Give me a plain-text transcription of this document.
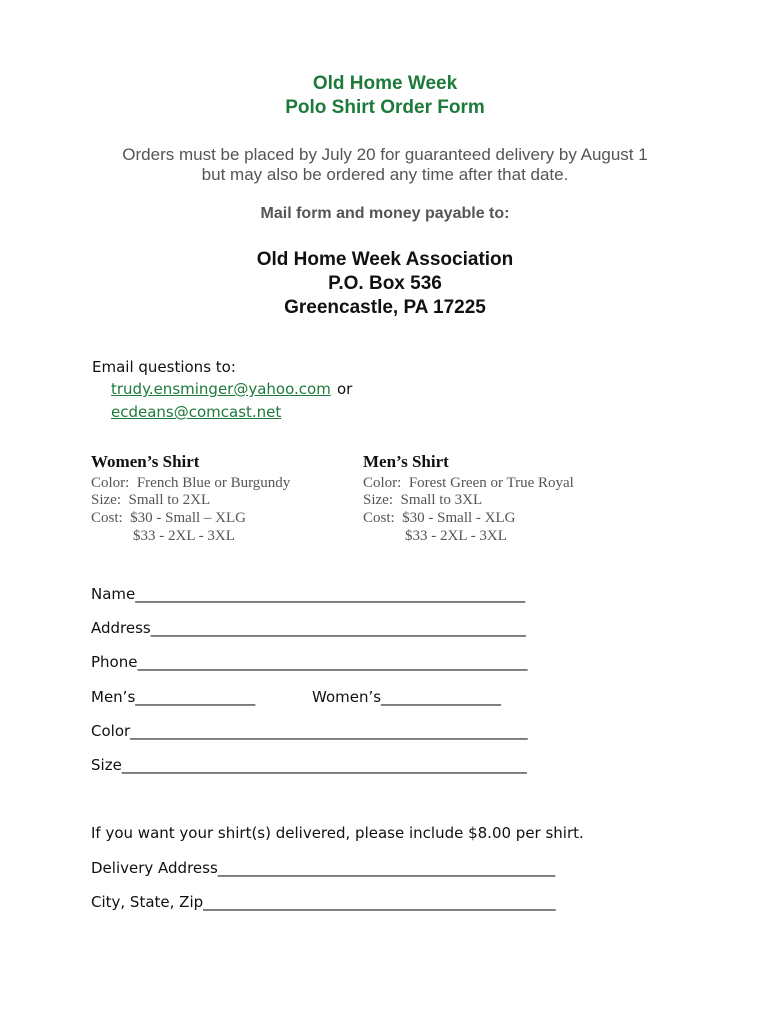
Old Home Week
Polo Shirt Order Form
Orders must be placed by July 20 for guaranteed delivery by August 1
but may also be ordered any time after that date.
Mail form and money payable to:
Old Home Week Association
P.O. Box 536
Greencastle, PA 17225
Email questions to:
trudy.ensminger@yahoo.com or
ecdeans@comcast.net
Women’s Shirt
Color:  French Blue or Burgundy
Size:  Small to 2XL
Cost:  $30 - Small – XLG
$33 - 2XL - 3XL
Men’s Shirt
Color:  Forest Green or True Royal
Size:  Small to 3XL
Cost:  $30 - Small - XLG
$33 - 2XL - 3XL
Name____________________________________________________
Address__________________________________________________
Phone____________________________________________________
Men’s________________	Women’s________________
Color_____________________________________________________
Size______________________________________________________
If you want your shirt(s) delivered, please include $8.00 per shirt.
Delivery Address_____________________________________________
City, State, Zip_______________________________________________
